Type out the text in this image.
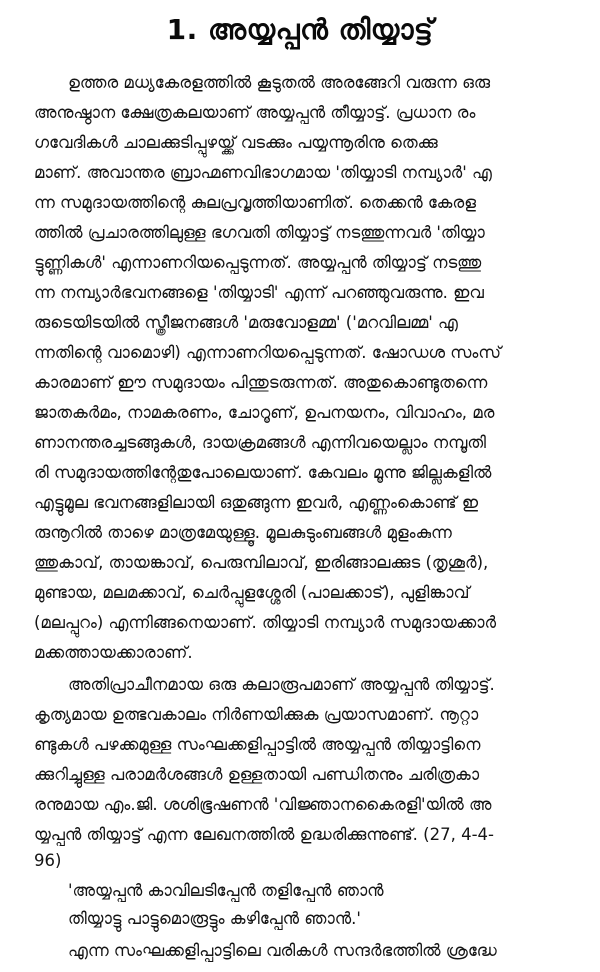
1. അയ്യപ്പൻ തിയ്യാട്ട്
ഉത്തര മധ്യകേരളത്തിൽ കൂടുതൽ അരങ്ങേറി വരുന്ന ഒരു
അനുഷ്ഠാന ക്ഷേത്രകലയാണ് അയ്യപ്പൻ തീയ്യാട്ട്. പ്രധാന രം
ഗവേദികൾ ചാലക്കുടിപ്പുഴയ്ക്ക് വടക്കും പയ്യന്നൂരിനു തെക്കു
മാണ്. അവാന്തര ബ്രാഹ്മണവിഭാഗമായ 'തിയ്യാടി നമ്പ്യാർ' എ
ന്ന സമുദായത്തിന്റെ കുലപ്രവൃത്തിയാണിത്. തെക്കൻ കേരള
ത്തിൽ പ്രചാരത്തിലുള്ള ഭഗവതി തിയ്യാട്ട് നടത്തുന്നവർ 'തിയ്യാ
ട്ടുണ്ണികൾ' എന്നാണറിയപ്പെടുന്നത്. അയ്യപ്പൻ തിയ്യാട്ട് നടത്തു
ന്ന നമ്പ്യാർഭവനങ്ങളെ 'തിയ്യാടി' എന്ന് പറഞ്ഞുവരുന്നു. ഇവ
രുടെയിടയിൽ സ്ത്രീജനങ്ങൾ 'മരുവോളമ്മ' ('മറവിലമ്മ' എ
ന്നതിന്റെ വാമൊഴി) എന്നാണറിയപ്പെടുന്നത്. ഷോഡശ സംസ്
കാരമാണ് ഈ സമുദായം പിന്തുടരുന്നത്. അതുകൊണ്ടുതന്നെ
ജാതകർമം, നാമകരണം, ചോറൂണ്, ഉപനയനം, വിവാഹം, മര
ണാനന്തരച്ചടങ്ങുകൾ, ദായക്രമങ്ങൾ എന്നിവയെല്ലാം നമ്പൂതി
രി സമുദായത്തിന്റേതുപോലെയാണ്. കേവലം മൂന്നു ജില്ലകളിൽ
എട്ടുമൂല ഭവനങ്ങളിലായി ഒതുങ്ങുന്ന ഇവർ, എണ്ണംകൊണ്ട് ഇ
രുനൂറിൽ താഴെ മാത്രമേയുള്ളൂ. മൂലകുടുംബങ്ങൾ മുളംകുന്ന
ത്തുകാവ്, തായങ്കാവ്, പെരുമ്പിലാവ്, ഇരിങ്ങാലക്കുട (തൃശൂർ),
മുണ്ടായ, മലമക്കാവ്, ചെർപ്പുളശ്ശേരി (പാലക്കാട്), പുളിങ്കാവ്
(മലപ്പുറം) എന്നിങ്ങനെയാണ്. തിയ്യാടി നമ്പ്യാർ സമുദായക്കാർ
മക്കത്തായക്കാരാണ്.
അതിപ്രാചീനമായ ഒരു കലാരൂപമാണ് അയ്യപ്പൻ തിയ്യാട്ട്.
കൃത്യമായ ഉത്ഭവകാലം നിർണയിക്കുക പ്രയാസമാണ്. നൂറ്റാ
ണ്ടുകൾ പഴക്കമുള്ള സംഘക്കളിപ്പാട്ടിൽ അയ്യപ്പൻ തിയ്യാട്ടിനെ
ക്കുറിച്ചുള്ള പരാമർശങ്ങൾ ഉള്ളതായി പണ്ഡിതനും ചരിത്രകാ
രനുമായ എം.ജി. ശശിഭൂഷണൻ 'വിജ്ഞാനകൈരളി'യിൽ അ
യ്യപ്പൻ തിയ്യാട്ട് എന്ന ലേഖനത്തിൽ ഉദ്ധരിക്കുന്നുണ്ട്. (27, 4-4-
96)
'അയ്യപ്പൻ കാവിലടിപ്പേൻ തളിപ്പേൻ ഞാൻ
തിയ്യാട്ടു പാട്ടുമൊരൂട്ടും കഴിപ്പേൻ ഞാൻ.'
എന്ന സംഘക്കളിപ്പാട്ടിലെ വരികൾ സന്ദർഭത്തിൽ ശ്രദ്ധേ
